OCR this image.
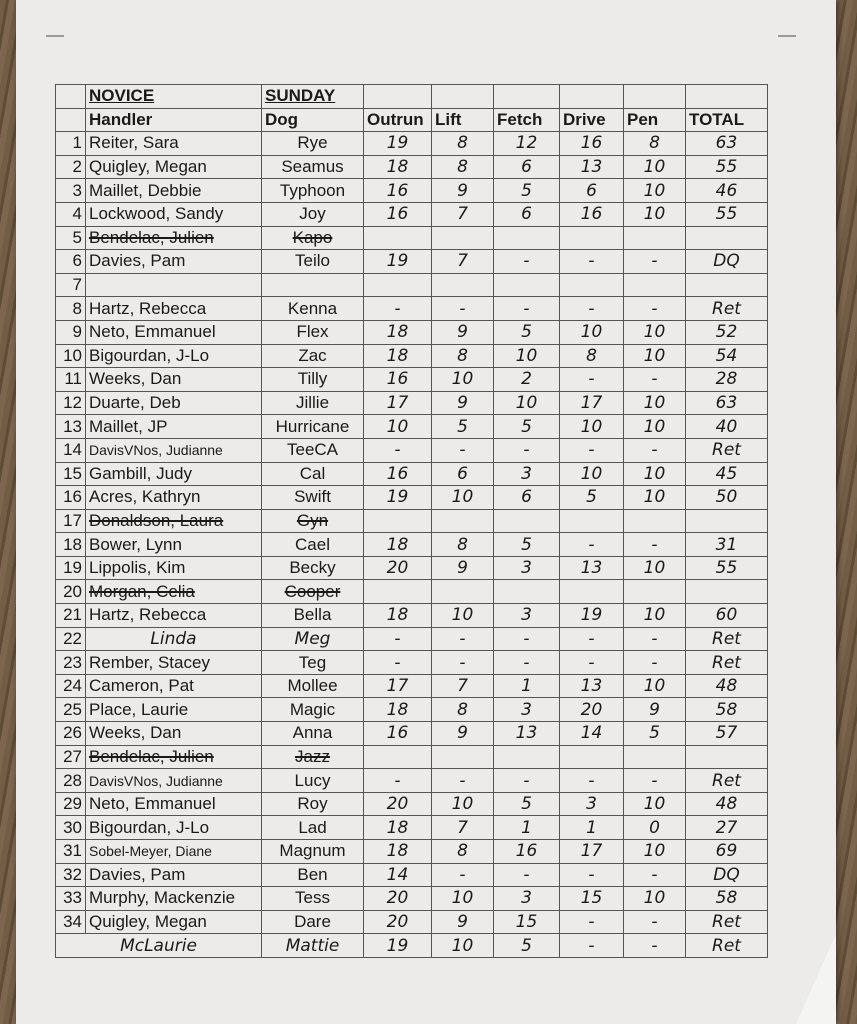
	NOVICE	SUNDAY							
	Handler	Dog	Outrun	Lift	Fetch	Drive	Pen	TOTAL	
1	Reiter, Sara	Rye	19	8	12	16	8	63	
2	Quigley, Megan	Seamus	18	8	6	13	10	55	
3	Maillet, Debbie	Typhoon	16	9	5	6	10	46	
4	Lockwood, Sandy	Joy	16	7	6	16	10	55	
5	Bendelac, Julien	Kapo							
6	Davies, Pam	Teilo	19	7	-	-	-	DQ	
7									
8	Hartz, Rebecca	Kenna	-	-	-	-	-	Ret	
9	Neto, Emmanuel	Flex	18	9	5	10	10	52	
10	Bigourdan, J-Lo	Zac	18	8	10	8	10	54	
11	Weeks, Dan	Tilly	16	10	2	-	-	28	
12	Duarte, Deb	Jillie	17	9	10	17	10	63	
13	Maillet, JP	Hurricane	10	5	5	10	10	40	
14	DavisVNos, Judianne	TeeCA	-	-	-	-	-	Ret	
15	Gambill, Judy	Cal	16	6	3	10	10	45	
16	Acres, Kathryn	Swift	19	10	6	5	10	50	
17	Donaldson, Laura	Gyn							
18	Bower, Lynn	Cael	18	8	5	-	-	31	
19	Lippolis, Kim	Becky	20	9	3	13	10	55	
20	Morgan, Celia	Cooper							
21	Hartz, Rebecca	Bella	18	10	3	19	10	60	
22	Linda	Meg	-	-	-	-	-	Ret	
23	Rember, Stacey	Teg	-	-	-	-	-	Ret	
24	Cameron, Pat	Mollee	17	7	1	13	10	48	
25	Place, Laurie	Magic	18	8	3	20	9	58	
26	Weeks, Dan	Anna	16	9	13	14	5	57	
27	Bendelac, Julien	Jazz							
28	DavisVNos, Judianne	Lucy	-	-	-	-	-	Ret	
29	Neto, Emmanuel	Roy	20	10	5	3	10	48	
30	Bigourdan, J-Lo	Lad	18	7	1	1	0	27	
31	Sobel-Meyer, Diane	Magnum	18	8	16	17	10	69	
32	Davies, Pam	Ben	14	-	-	-	-	DQ	
33	Murphy, Mackenzie	Tess	20	10	3	15	10	58	
34	Quigley, Megan	Dare	20	9	15	-	-	Ret	
McLaurie		Mattie	19	10	5	-	-	Ret	
